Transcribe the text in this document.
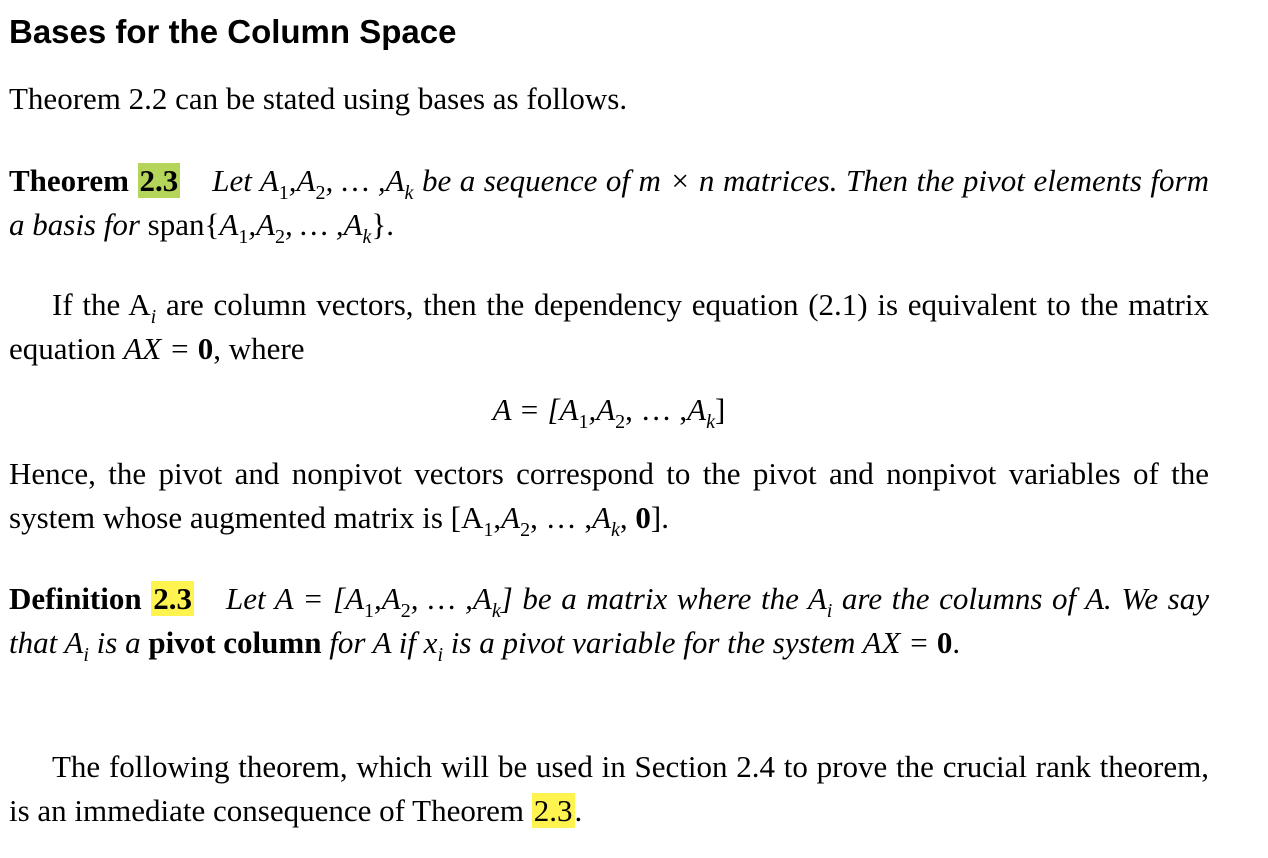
Bases for the Column Space
Theorem 2.2 can be stated using bases as follows.
Theorem 2.3 Let $A_1,A_2$, … $,A_k$ be a sequence of m × n matrices. Then the pivot elements form a basis for $span\{A_1,A_2$, … $,A_k$}.
If the $A_i$ are column vectors, then the dependency equation (2.1) is equivalent to the matrix equation AX = 0, where
$A = [A_1,A_2$, … $,A_k$]
Hence, the pivot and nonpivot vectors correspond to the pivot and nonpivot variables of the system whose augmented matrix is [$A_1,A_2$, … $,A_k$, 0].
Definition 2.3 Let $A = [A_1,A_2$, … $,A_k$] be a matrix where the $A_i$ are the columns of A. We say that $A_i$ is a pivot column for A if $x_i$ is a pivot variable for the system AX = 0.
The following theorem, which will be used in Section 2.4 to prove the crucial rank theorem, is an immediate consequence of Theorem 2.3.
